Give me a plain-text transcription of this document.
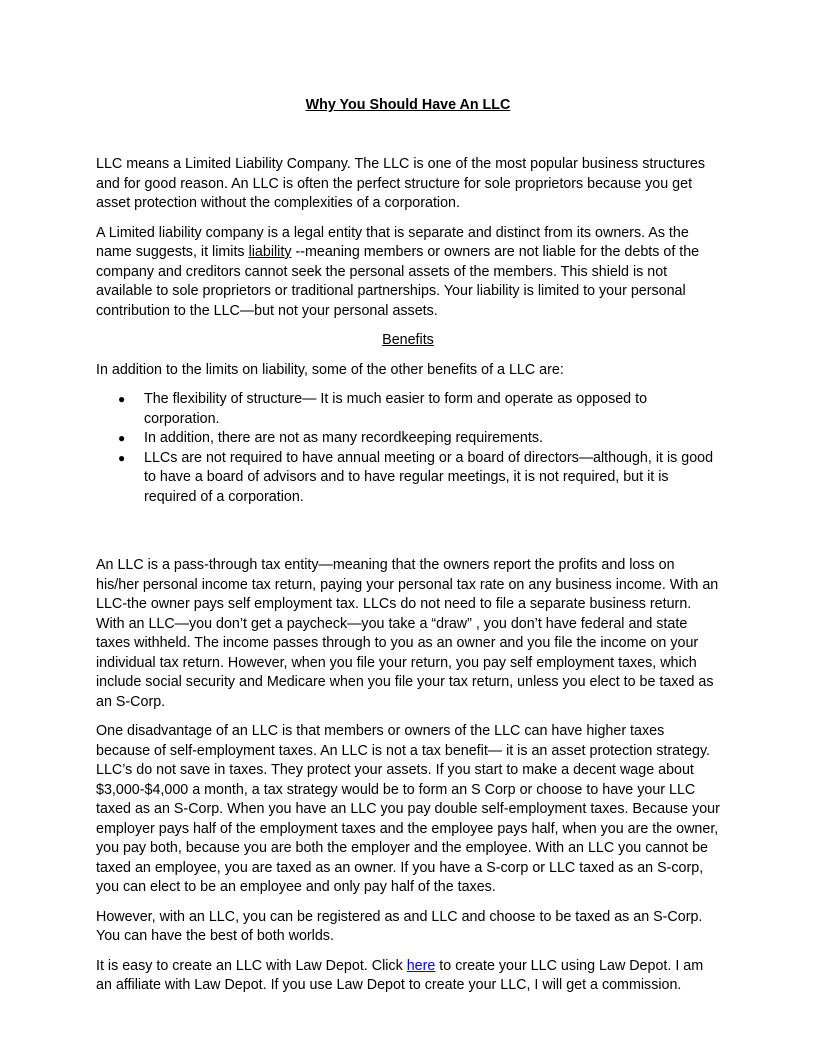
Why You Should Have An LLC

LLC means a Limited Liability Company. The LLC is one of the most popular business structures and for good reason. An LLC is often the perfect structure for sole proprietors because you get asset protection without the complexities of a corporation.

A Limited liability company is a legal entity that is separate and distinct from its owners. As the name suggests, it limits liability --meaning members or owners are not liable for the debts of the company and creditors cannot seek the personal assets of the members. This shield is not available to sole proprietors or traditional partnerships. Your liability is limited to your personal contribution to the LLC—but not your personal assets.

Benefits

In addition to the limits on liability, some of the other benefits of a LLC are:

● The flexibility of structure— It is much easier to form and operate as opposed to corporation.
● In addition, there are not as many recordkeeping requirements.
● LLCs are not required to have annual meeting or a board of directors—although, it is good to have a board of advisors and to have regular meetings, it is not required, but it is required of a corporation.

An LLC is a pass-through tax entity—meaning that the owners report the profits and loss on his/her personal income tax return, paying your personal tax rate on any business income. With an LLC-the owner pays self employment tax. LLCs do not need to file a separate business return. With an LLC—you don’t get a paycheck—you take a “draw” , you don’t have federal and state taxes withheld. The income passes through to you as an owner and you file the income on your individual tax return. However, when you file your return, you pay self employment taxes, which include social security and Medicare when you file your tax return, unless you elect to be taxed as an S-Corp.

One disadvantage of an LLC is that members or owners of the LLC can have higher taxes because of self-employment taxes. An LLC is not a tax benefit— it is an asset protection strategy. LLC’s do not save in taxes. They protect your assets. If you start to make a decent wage about $3,000-$4,000 a month, a tax strategy would be to form an S Corp or choose to have your LLC taxed as an S-Corp. When you have an LLC you pay double self-employment taxes. Because your employer pays half of the employment taxes and the employee pays half, when you are the owner, you pay both, because you are both the employer and the employee. With an LLC you cannot be taxed an employee, you are taxed as an owner. If you have a S-corp or LLC taxed as an S-corp, you can elect to be an employee and only pay half of the taxes.

However, with an LLC, you can be registered as and LLC and choose to be taxed as an S-Corp. You can have the best of both worlds.

It is easy to create an LLC with Law Depot. Click here to create your LLC using Law Depot. I am an affiliate with Law Depot. If you use Law Depot to create your LLC, I will get a commission.
